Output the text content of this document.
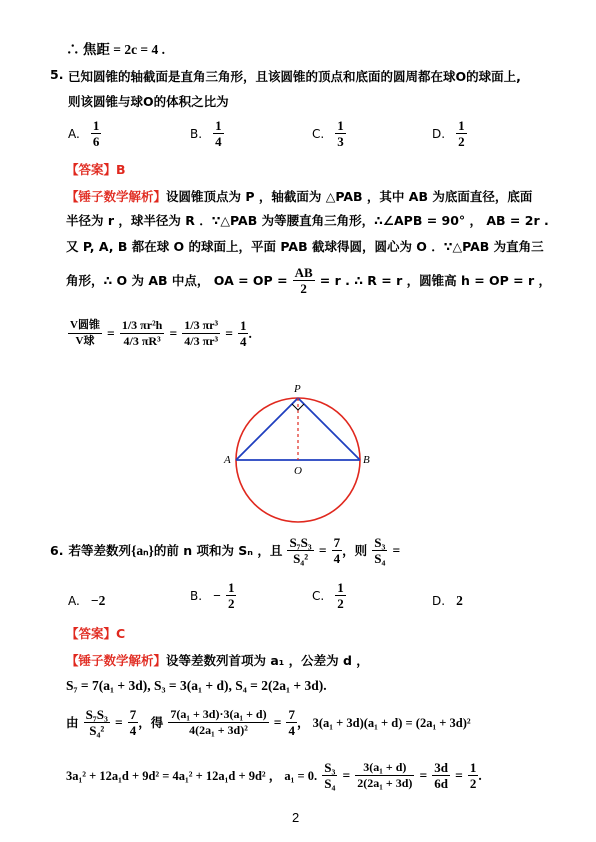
∴ 焦距 = 2c = 4 .
5. 已知圆锥的轴截面是直角三角形，且该圆锥的顶点和底面的圆周都在球O的球面上,
则该圆锥与球O的体积之比为
A. $\frac{1}{6}$	B. $\frac{1}{4}$	C. $\frac{1}{3}$	D. $\frac{1}{2}$
【答案】B
【锤子数学解析】设圆锥顶点为 P ，轴截面为 △PAB ，其中 AB 为底面直径，底面
半径为 r ，球半径为 R ．∵△PAB 为等腰直角三角形，∴∠APB = 90° ， AB = 2r .
又 P, A, B 都在球 O 的球面上，平面 PAB 截球得圆，圆心为 O ．∵△PAB 为直角三
角形，∴ O 为 AB 中点， OA = OP = $\frac{AB}{2} = r$ . ∴ R = r ，圆锥高 h = OP = r ，
$\frac{\text{V圆锥}}{\text{V球}} = \frac{\text{1/3 πr²h}}{\text{4/3 πR³}} = \frac{\text{1/3 πr³}}{\text{4/3 πr³}} = \frac{1}{4}$ .
P
A	B
O
6. 若等差数列{aₙ}的前 n 项和为 Sₙ ，且 $\frac{\text{S₇S₃}}{\text{S₄²}} = \frac{7}{4}$ ，则 $\frac{\text{S₃}}{\text{S₄}}$ =
A. −2	B. − $\frac{1}{2}$	C. $\frac{1}{2}$	D. 2
【答案】C
【锤子数学解析】设等差数列首项为 a₁ ，公差为 d ，
S₇ = 7(a₁ + 3d), S₃ = 3(a₁ + d), S₄ = 2(2a₁ + 3d).
由 $\frac{\text{S₇S₃}}{\text{S₄²}} = \frac{7}{4}$ ，得 $\frac{\text{7(a₁ + 3d)·3(a₁ + d)}}{\text{4(2a₁ + 3d)²}} = \frac{7}{4}$ ， 3(a₁ + 3d)(a₁ + d) = (2a₁ + 3d)²
3a₁² + 12a₁d + 9d² = 4a₁² + 12a₁d + 9d² ， a₁ = 0. $\frac{\text{S₃}}{\text{S₄}} = \frac{\text{3(a₁ + d)}}{\text{2(2a₁ + 3d)}} = \frac{3d}{6d} = \frac{1}{2}$ .
2
